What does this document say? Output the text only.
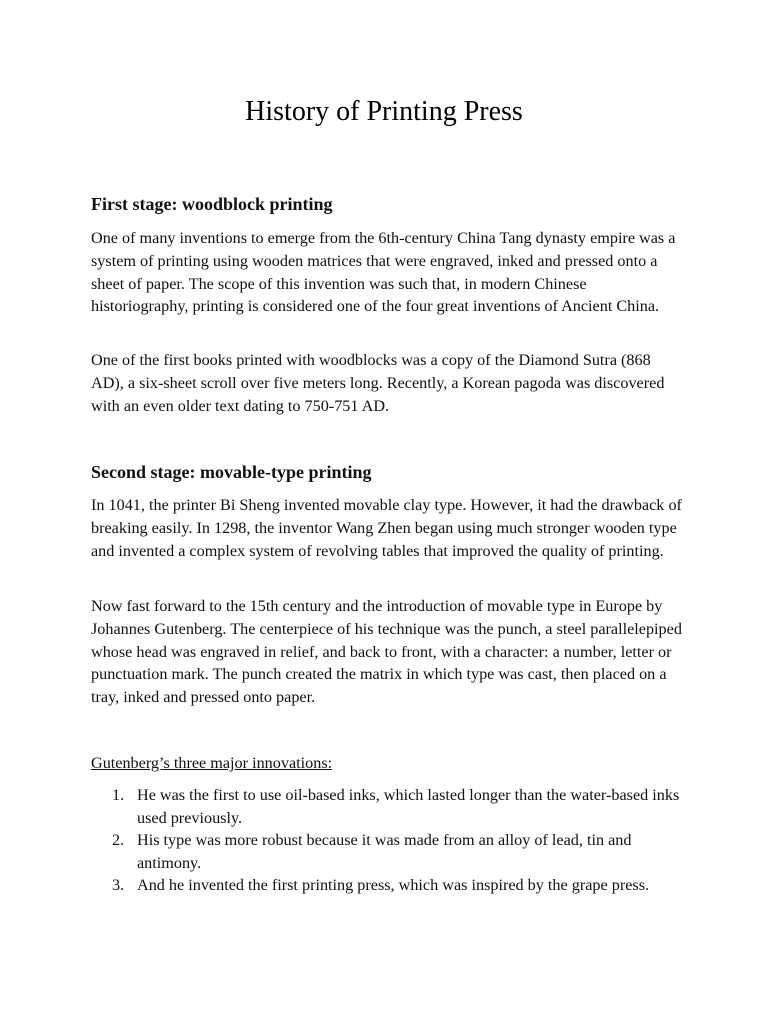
History of Printing Press
First stage: woodblock printing

One of many inventions to emerge from the 6th-century China Tang dynasty empire was a system of printing using wooden matrices that were engraved, inked and pressed onto a sheet of paper. The scope of this invention was such that, in modern Chinese historiography, printing is considered one of the four great inventions of Ancient China.

One of the first books printed with woodblocks was a copy of the Diamond Sutra (868 AD), a six-sheet scroll over five meters long. Recently, a Korean pagoda was discovered with an even older text dating to 750-751 AD.

Second stage: movable-type printing

In 1041, the printer Bi Sheng invented movable clay type. However, it had the drawback of breaking easily. In 1298, the inventor Wang Zhen began using much stronger wooden type and invented a complex system of revolving tables that improved the quality of printing.

Now fast forward to the 15th century and the introduction of movable type in Europe by Johannes Gutenberg. The centerpiece of his technique was the punch, a steel parallelepiped whose head was engraved in relief, and back to front, with a character: a number, letter or punctuation mark. The punch created the matrix in which type was cast, then placed on a tray, inked and pressed onto paper.

Gutenberg’s three major innovations:

1. He was the first to use oil-based inks, which lasted longer than the water-based inks used previously.
2. His type was more robust because it was made from an alloy of lead, tin and antimony.
3. And he invented the first printing press, which was inspired by the grape press.
